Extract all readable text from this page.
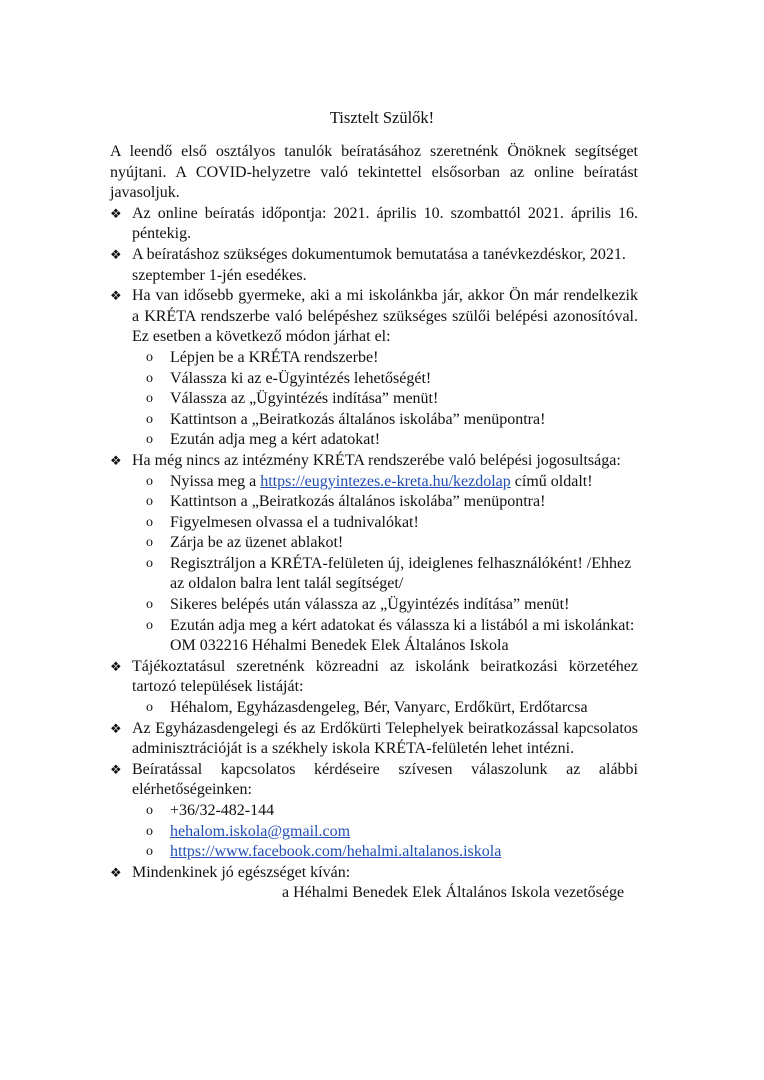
Tisztelt Szülők!

A leendő első osztályos tanulók beíratásához szeretnénk Önöknek segítséget nyújtani. A COVID-helyzetre való tekintettel elsősorban az online beíratást javasoljuk.

❖ Az online beíratás időpontja: 2021. április 10. szombattól 2021. április 16. péntekig.
❖ A beíratáshoz szükséges dokumentumok bemutatása a tanévkezdéskor, 2021. szeptember 1-jén esedékes.
❖ Ha van idősebb gyermeke, aki a mi iskolánkba jár, akkor Ön már rendelkezik a KRÉTA rendszerbe való belépéshez szükséges szülői belépési azonosítóval. Ez esetben a következő módon járhat el:
o Lépjen be a KRÉTA rendszerbe!
o Válassza ki az e-Ügyintézés lehetőségét!
o Válassza az „Ügyintézés indítása” menüt!
o Kattintson a „Beiratkozás általános iskolába” menüpontra!
o Ezután adja meg a kért adatokat!
❖ Ha még nincs az intézmény KRÉTA rendszerébe való belépési jogosultsága:
o Nyissa meg a https://eugyintezes.e-kreta.hu/kezdolap című oldalt!
o Kattintson a „Beiratkozás általános iskolába” menüpontra!
o Figyelmesen olvassa el a tudnivalókat!
o Zárja be az üzenet ablakot!
o Regisztráljon a KRÉTA-felületen új, ideiglenes felhasználóként! /Ehhez az oldalon balra lent talál segítséget/
o Sikeres belépés után válassza az „Ügyintézés indítása” menüt!
o Ezután adja meg a kért adatokat és válassza ki a listából a mi iskolánkat:
OM 032216 Héhalmi Benedek Elek Általános Iskola
❖ Tájékoztatásul szeretnénk közreadni az iskolánk beiratkozási körzetéhez tartozó települések listáját:
o Héhalom, Egyházasdengeleg, Bér, Vanyarc, Erdőkürt, Erdőtarcsa
❖ Az Egyházasdengelegi és az Erdőkürti Telephelyek beiratkozással kapcsolatos adminisztrációját is a székhely iskola KRÉTA-felületén lehet intézni.
❖ Beíratással kapcsolatos kérdéseire szívesen válaszolunk az alábbi elérhetőségeinken:
o +36/32-482-144
o hehalom.iskola@gmail.com
o https://www.facebook.com/hehalmi.altalanos.iskola
❖ Mindenkinek jó egészséget kíván:
a Héhalmi Benedek Elek Általános Iskola vezetősége
